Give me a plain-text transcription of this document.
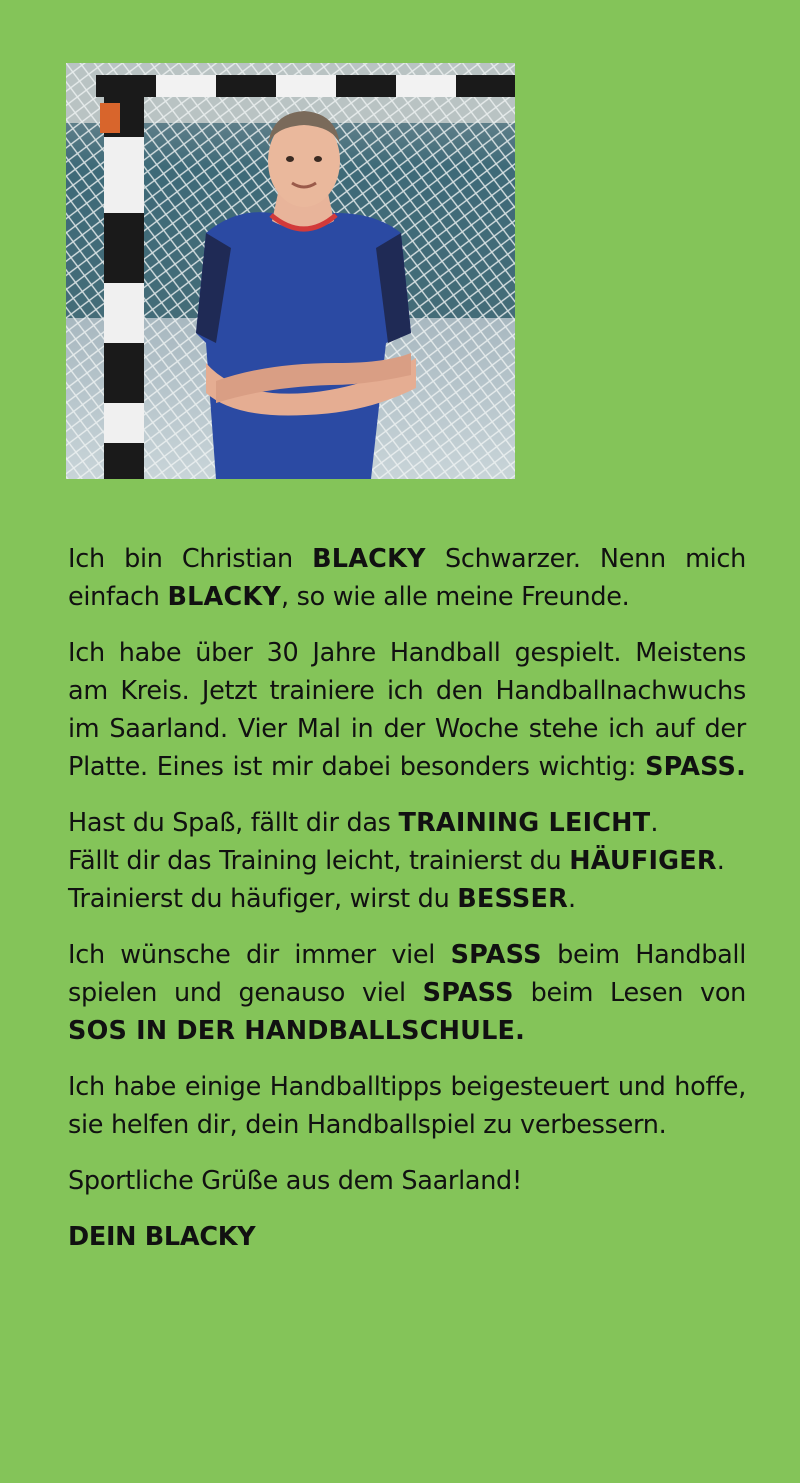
Ich bin Christian BLACKY Schwarzer. Nenn mich
einfach BLACKY, so wie alle meine Freunde.
Ich habe über 30 Jahre Handball gespielt. Meistens
am Kreis. Jetzt trainiere ich den Handballnachwuchs
im Saarland. Vier Mal in der Woche stehe ich auf der
Platte. Eines ist mir dabei besonders wichtig: SPASS.
Hast du Spaß, fällt dir das TRAINING LEICHT.
Fällt dir das Training leicht, trainierst du HÄUFIGER.
Trainierst du häufiger, wirst du BESSER.
Ich wünsche dir immer viel SPASS beim Handball
spielen und genauso viel SPASS beim Lesen von
SOS IN DER HANDBALLSCHULE.
Ich habe einige Handballtipps beigesteuert und hoffe,
sie helfen dir, dein Handballspiel zu verbessern.
Sportliche Grüße aus dem Saarland!
DEIN BLACKY
